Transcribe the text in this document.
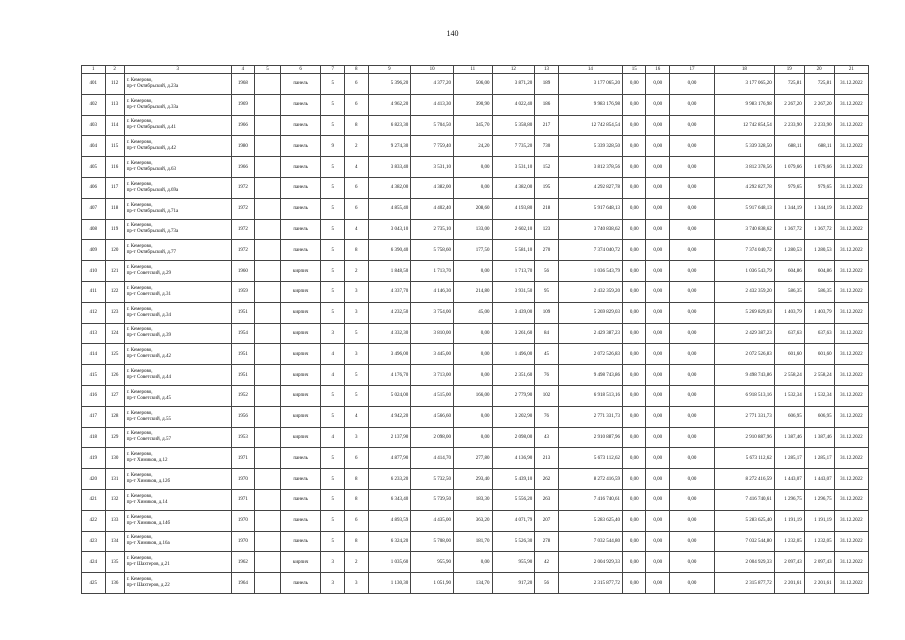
140
1	2	3	4	5	6	7	8	9	10	11	12	13	14	15	16	17	18	19	20	21
401	112	г. Кемерово,
пр-т Октябрьский, д.23а	1968		панель	5	6	5 396,20	4 377,20	506,00	3 871,20	189	3 177 065,20	0,00	0,00	0,00	3 177 065,20	725,81	725,81	31.12.2022
402	113	г. Кемерово,
пр-т Октябрьский, д.33а	1969		панель	5	6	4 962,20	4 413,30	390,90	4 022,40	186	9 983 176,98	0,00	0,00	0,00	9 983 176,98	2 267,20	2 267,20	31.12.2022
403	114	г. Кемерово,
пр-т Октябрьский, д.41	1966		панель	5	8	6 823,30	5 704,50	345,70	5 358,80	217	12 742 854,54	0,00	0,00	0,00	12 742 854,54	2 233,90	2 233,90	31.12.2022
404	115	г. Кемерово,
пр-т Октябрьский, д.42	1980		панель	9	2	9 274,30	7 759,40	24,20	7 735,20	730	5 339 328,50	0,00	0,00	0,00	5 339 328,50	688,11	688,11	31.12.2022
405	116	г. Кемерово,
пр-т Октябрьский, д.63	1966		панель	5	4	3 833,40	3 531,10	0,00	3 531,10	152	3 812 378,56	0,00	0,00	0,00	3 812 378,56	1 079,66	1 079,66	31.12.2022
406	117	г. Кемерово,
пр-т Октябрьский, д.69а	1972		панель	5	6	4 382,00	4 382,00	0,00	4 382,00	195	4 292 827,78	0,00	0,00	0,00	4 292 827,78	979,65	979,65	31.12.2022
407	118	г. Кемерово,
пр-т Октябрьский, д.71а	1972		панель	5	6	4 855,40	4 402,40	208,60	4 193,80	218	5 917 648,13	0,00	0,00	0,00	5 917 648,13	1 344,19	1 344,19	31.12.2022
408	119	г. Кемерово,
пр-т Октябрьский, д.73а	1972		панель	5	4	3 043,10	2 735,10	133,00	2 602,10	123	3 740 838,62	0,00	0,00	0,00	3 740 838,62	1 367,72	1 367,72	31.12.2022
409	120	г. Кемерово,
пр-т Октябрьский, д.77	1972		панель	5	8	6 390,40	5 758,60	177,50	5 581,10	270	7 374 040,72	0,00	0,00	0,00	7 374 040,72	1 280,53	1 280,53	31.12.2022
410	121	г. Кемерово,
пр-т Советский, д.29	1960		кирпич	5	2	1 848,50	1 713,70	0,00	1 713,70	56	1 036 543,79	0,00	0,00	0,00	1 036 543,79	604,86	604,86	31.12.2022
411	122	г. Кемерово,
пр-т Советский, д.31	1959		кирпич	5	3	4 337,70	4 146,30	214,80	3 931,50	95	2 432 359,20	0,00	0,00	0,00	2 432 359,20	586,35	586,35	31.12.2022
412	123	г. Кемерово,
пр-т Советский, д.34	1951		кирпич	5	3	4 232,50	3 754,00	45,00	3 439,00	109	5 269 829,03	0,00	0,00	0,00	5 269 829,03	1 403,79	1 403,79	31.12.2022
413	124	г. Кемерово,
пр-т Советский, д.39	1954		кирпич	3	5	4 332,30	3 810,00	0,00	3 261,60	84	2 429 387,23	0,00	0,00	0,00	2 429 387,23	637,63	637,63	31.12.2022
414	125	г. Кемерово,
пр-т Советский, д.42	1951		кирпич	4	3	3 496,00	3 445,00	0,00	1 496,00	45	2 072 526,83	0,00	0,00	0,00	2 072 526,83	601,60	601,60	31.12.2022
415	126	г. Кемерово,
пр-т Советский, д.44	1951		кирпич	4	5	4 176,70	3 713,00	0,00	2 351,60	76	9 498 743,86	0,00	0,00	0,00	9 498 743,86	2 558,24	2 558,24	31.12.2022
416	127	г. Кемерово,
пр-т Советский, д.45	1952		кирпич	5	5	5 024,00	4 515,00	166,00	2 779,90	102	6 918 513,16	0,00	0,00	0,00	6 918 513,16	1 532,34	1 532,34	31.12.2022
417	128	г. Кемерово,
пр-т Советский, д.55	1956		кирпич	5	4	4 942,20	4 566,60	0,00	3 202,90	76	2 771 331,73	0,00	0,00	0,00	2 771 331,73	606,95	606,95	31.12.2022
418	129	г. Кемерово,
пр-т Советский, д.57	1953		кирпич	4	3	2 137,90	2 098,00	0,00	2 098,00	43	2 910 887,96	0,00	0,00	0,00	2 910 887,96	1 387,46	1 387,46	31.12.2022
419	130	г. Кемерово,
пр-т Химиков, д.12	1971		панель	5	6	4 877,90	4 414,70	277,80	4 136,90	213	5 673 112,62	0,00	0,00	0,00	5 673 112,62	1 285,17	1 285,17	31.12.2022
420	131	г. Кемерово,
пр-т Химиков, д.12б	1970		панель	5	8	6 233,20	5 732,50	293,40	5 439,10	262	8 272 416,59	0,00	0,00	0,00	8 272 416,59	1 443,07	1 443,07	31.12.2022
421	132	г. Кемерово,
пр-т Химиков, д.14	1971		панель	5	8	6 343,40	5 739,50	183,30	5 556,20	263	7 416 740,61	0,00	0,00	0,00	7 416 740,61	1 296,75	1 296,75	31.12.2022
422	133	г. Кемерово,
пр-т Химиков, д.14б	1970		панель	5	6	4 893,59	4 435,00	363,20	4 071,79	207	5 283 625,40	0,00	0,00	0,00	5 283 625,40	1 191,19	1 191,19	31.12.2022
423	134	г. Кемерово,
пр-т Химиков, д.16а	1970		панель	5	8	6 324,20	5 708,00	181,70	5 526,30	278	7 032 544,80	0,00	0,00	0,00	7 032 544,80	1 232,05	1 232,05	31.12.2022
424	135	г. Кемерово,
пр-т Шахтеров, д.21	1962		кирпич	3	2	1 035,60	955,90	0,00	955,90	42	2 004 929,33	0,00	0,00	0,00	2 004 929,33	2 097,43	2 097,43	31.12.2022
425	136	г. Кемерово,
пр-т Шахтеров, д.22	1964		панель	3	3	1 130,30	1 051,90	134,70	917,20	56	2 315 877,72	0,00	0,00	0,00	2 315 877,72	2 201,61	2 201,61	31.12.2022
